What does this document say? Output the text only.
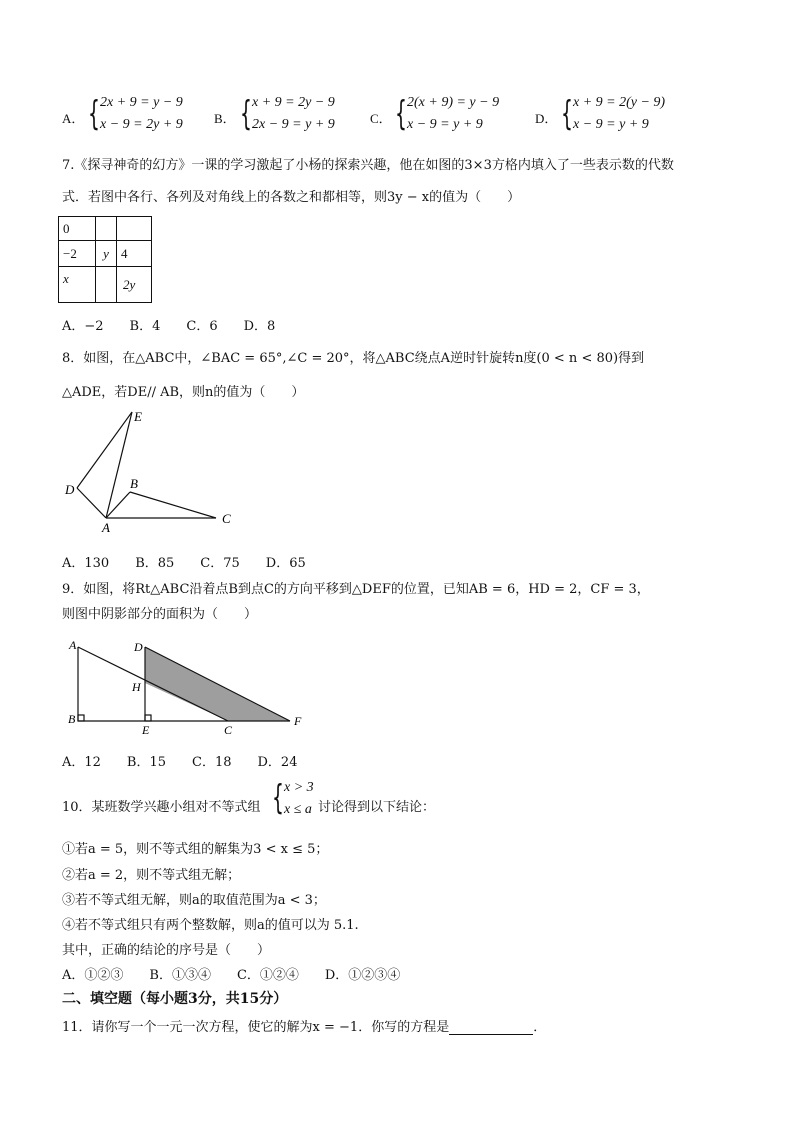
A． { 2x + 9 = y − 9
x − 9 = 2y + 9 B． { x + 9 = 2y − 9
2x − 9 = y + 9	C． { 2(x + 9) = y − 9
x − 9 = y + 9	D． { x + 9 = 2(y − 9)
x − 9 = y + 9
7.《探寻神奇的幻方》一课的学习激起了小杨的探索兴趣，他在如图的3×3方格内填入了一些表示数的代数
式．若图中各行、各列及对角线上的各数之和都相等，则3y − x的值为（　　）
0		
−2	y	4
x		2y
A．−2　　B．4　　C．6　　D．8
8．如图，在△ABC中，∠BAC = 65°,∠C = 20°，将△ABC绕点A逆时针旋转n度(0 < n < 80)得到
△ADE，若DE// AB，则n的值为（　　）
E
D	B
A
C
A．130　　B．85　　C．75　　D．65
9．如图，将Rt△ABC沿着点B到点C的方向平移到△DEF的位置，已知AB = 6，HD = 2，CF = 3，
则图中阴影部分的面积为（　　）
A	D
H
B
E	C
F
A．12　　B．15　　C．18　　D．24
10．某班数学兴趣小组对不等式组 { x > 3
x ≤ a 讨论得到以下结论：
①若a = 5，则不等式组的解集为3 < x ≤ 5；
②若a = 2，则不等式组无解；
③若不等式组无解，则a的取值范围为a < 3；
④若不等式组只有两个整数解，则a的值可以为 5.1.
其中，正确的结论的序号是（　　）
A．①②③　　B．①③④　　C．①②④　　D．①②③④
二、填空题（每小题3分，共15分）
11．请你写一个一元一次方程，使它的解为x = −1．你写的方程是	．
